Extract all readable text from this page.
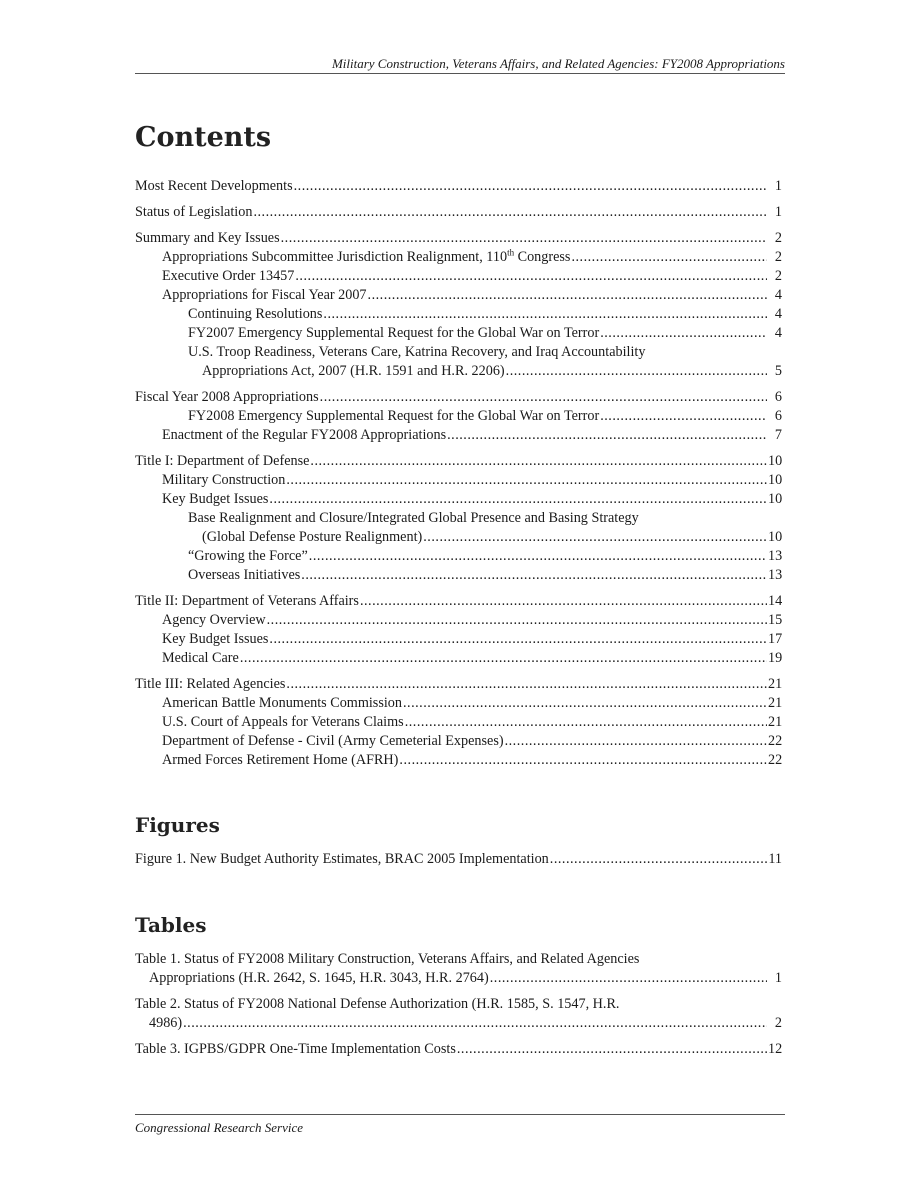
Military Construction, Veterans Affairs, and Related Agencies: FY2008 Appropriations
Contents
Most Recent Developments .....	1
Status of Legislation .....	1
Summary and Key Issues .....	2
Appropriations Subcommittee Jurisdiction Realignment, 110th Congress .....	2
Executive Order 13457 .....	2
Appropriations for Fiscal Year 2007 .....	4
Continuing Resolutions .....	4
FY2007 Emergency Supplemental Request for the Global War on Terror .....	4
U.S. Troop Readiness, Veterans Care, Katrina Recovery, and Iraq Accountability
Appropriations Act, 2007 (H.R. 1591 and H.R. 2206) .....	5
Fiscal Year 2008 Appropriations .....	6
FY2008 Emergency Supplemental Request for the Global War on Terror .....	6
Enactment of the Regular FY2008 Appropriations .....	7
Title I: Department of Defense .....	10
Military Construction .....	10
Key Budget Issues .....	10
Base Realignment and Closure/Integrated Global Presence and Basing Strategy
(Global Defense Posture Realignment) .....	10
“Growing the Force” .....	13
Overseas Initiatives .....	13
Title II: Department of Veterans Affairs .....	14
Agency Overview .....	15
Key Budget Issues .....	17
Medical Care .....	19
Title III: Related Agencies .....	21
American Battle Monuments Commission .....	21
U.S. Court of Appeals for Veterans Claims .....	21
Department of Defense - Civil (Army Cemeterial Expenses) .....	22
Armed Forces Retirement Home (AFRH) .....	22
Figures
Figure 1. New Budget Authority Estimates, BRAC 2005 Implementation .....	11
Tables
Table 1. Status of FY2008 Military Construction, Veterans Affairs, and Related Agencies
Appropriations (H.R. 2642, S. 1645, H.R. 3043, H.R. 2764) .....	1
Table 2. Status of FY2008 National Defense Authorization (H.R. 1585, S. 1547, H.R.
4986) .....	2
Table 3. IGPBS/GDPR One-Time Implementation Costs .....	12
Congressional Research Service
